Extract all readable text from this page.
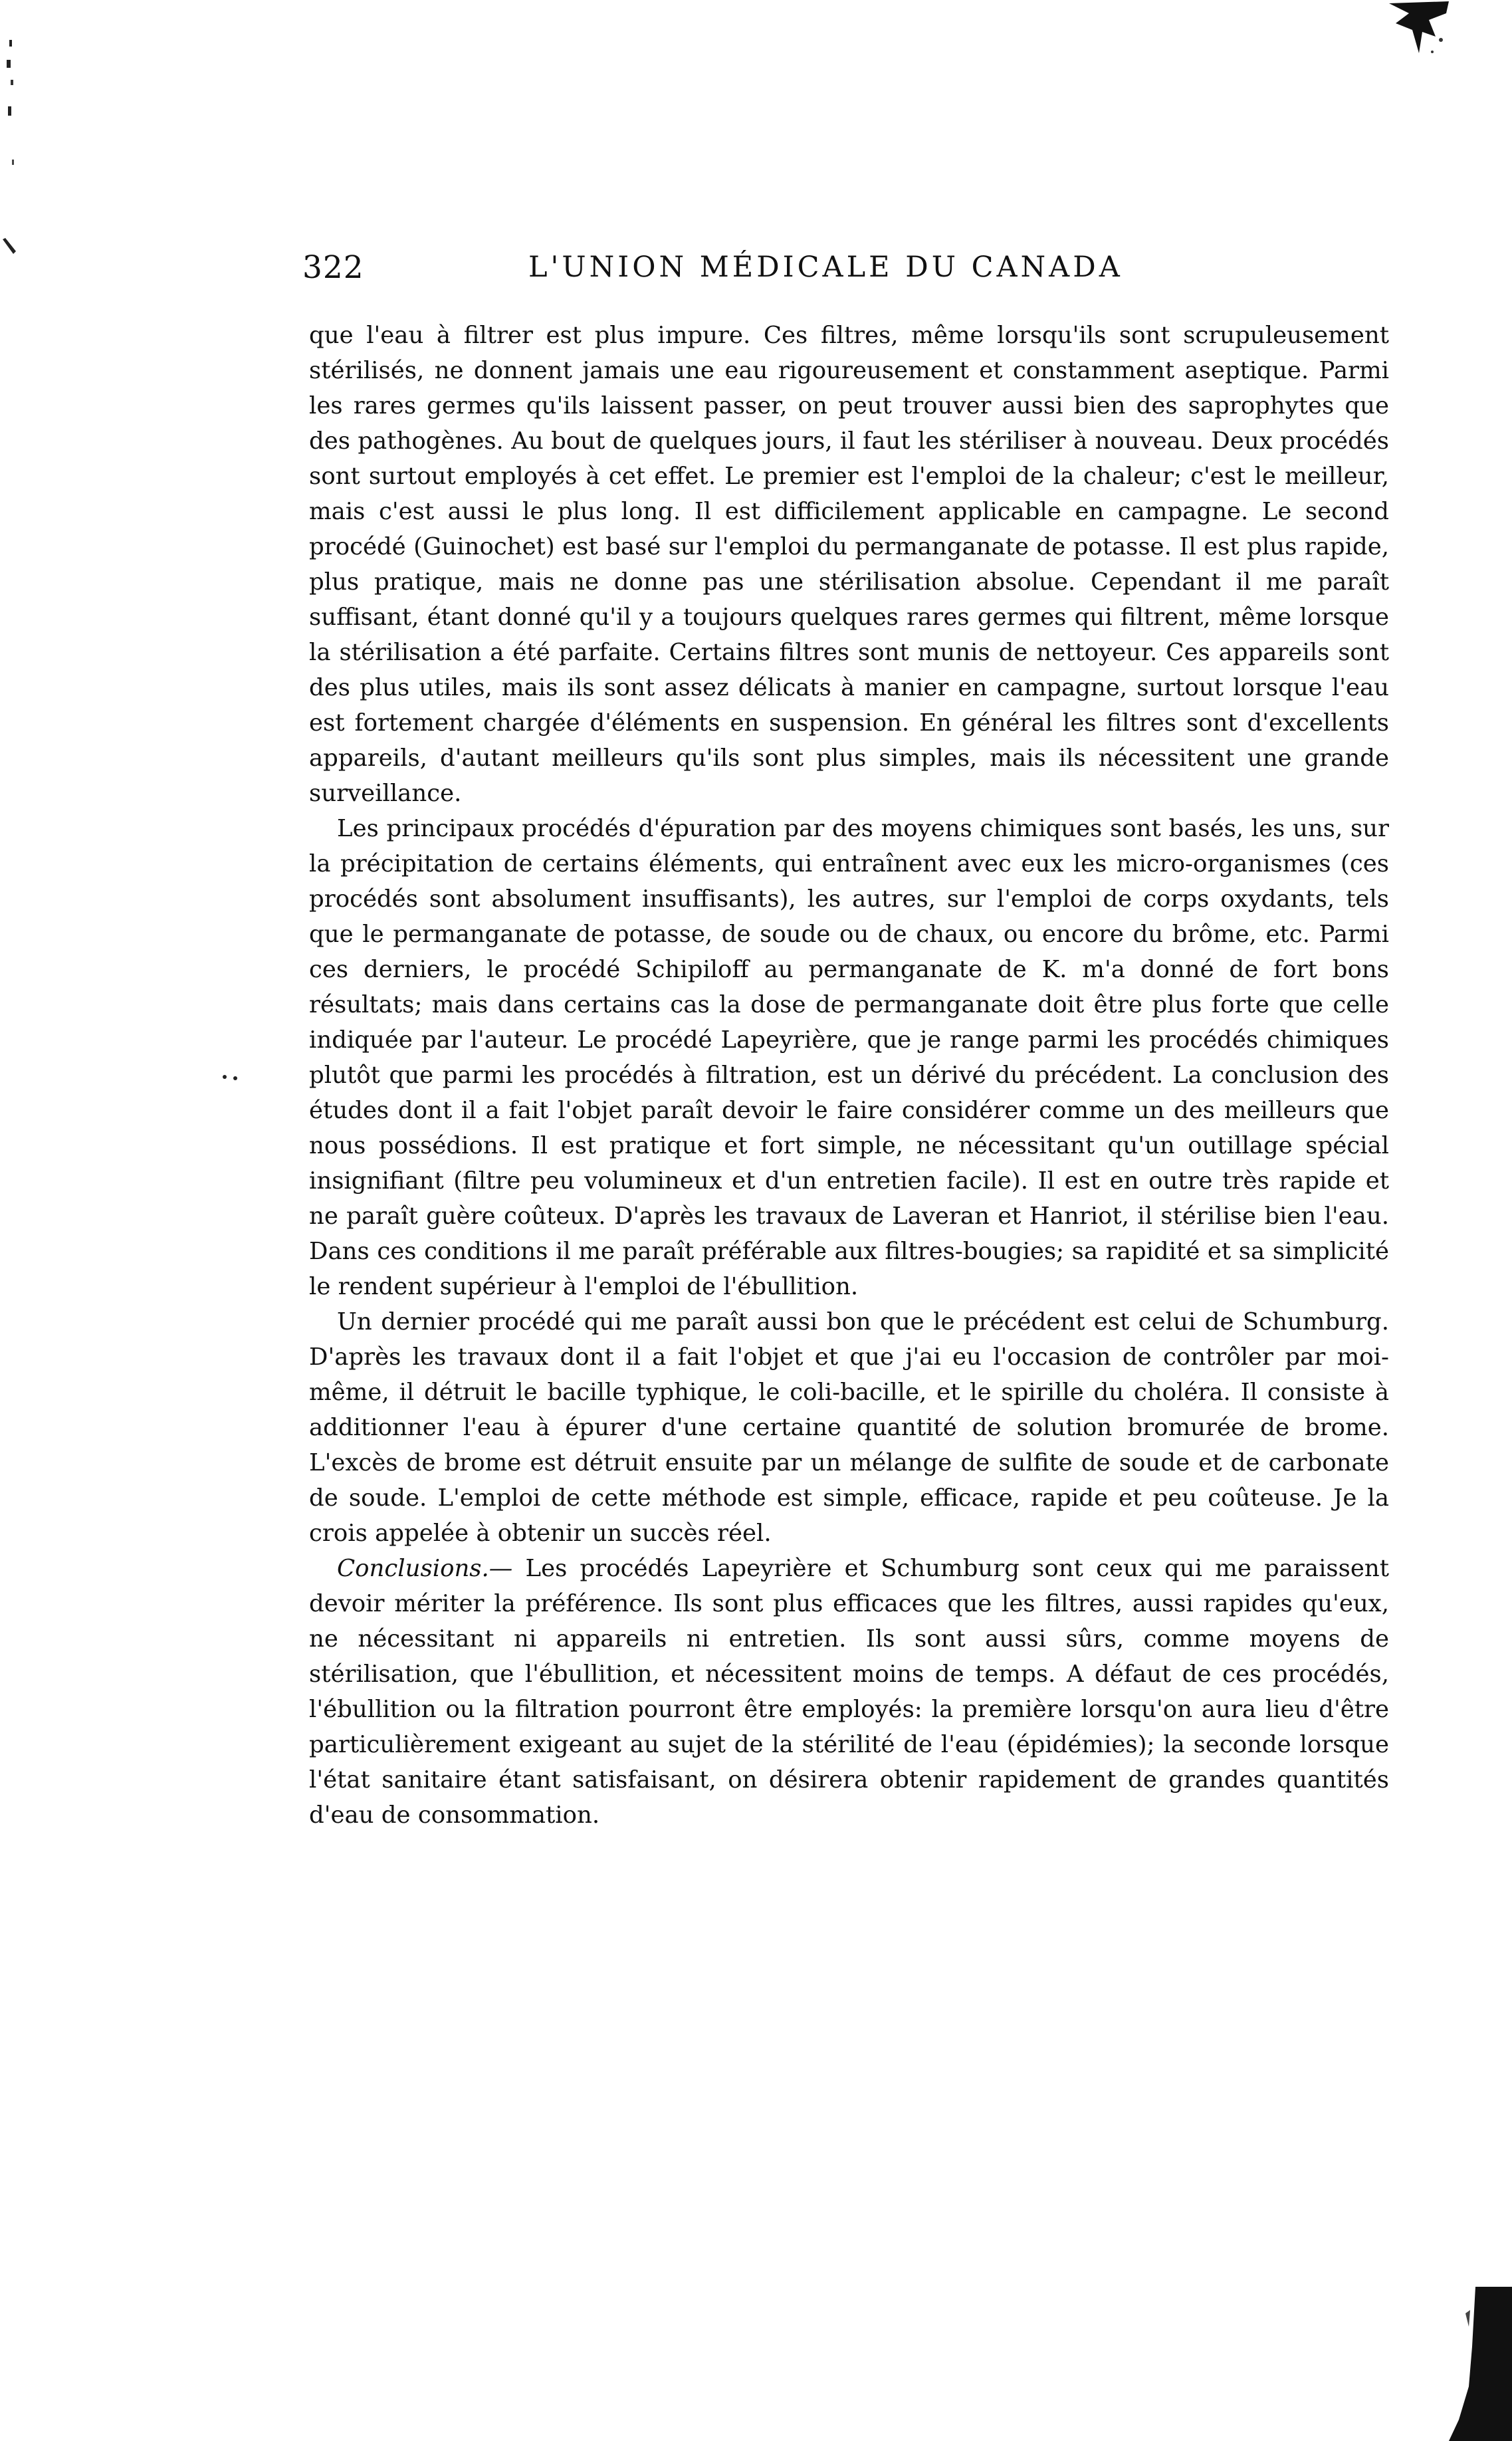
322	L'UNION MÉDICALE DU CANADA

que l'eau à filtrer est plus impure. Ces filtres, même lorsqu'ils sont scrupuleusement stérilisés, ne donnent jamais une eau rigoureusement et constamment aseptique. Parmi les rares germes qu'ils laissent passer, on peut trouver aussi bien des saprophytes que des pathogènes. Au bout de quelques jours, il faut les stériliser à nouveau. Deux procédés sont surtout employés à cet effet. Le premier est l'emploi de la chaleur; c'est le meilleur, mais c'est aussi le plus long. Il est difficilement applicable en campagne. Le second procédé (Guinochet) est basé sur l'emploi du permanganate de potasse. Il est plus rapide, plus pratique, mais ne donne pas une stérilisation absolue. Cependant il me paraît suffisant, étant donné qu'il y a toujours quelques rares germes qui filtrent, même lorsque la stérilisation a été parfaite. Certains filtres sont munis de nettoyeur. Ces appareils sont des plus utiles, mais ils sont assez délicats à manier en campagne, surtout lorsque l'eau est fortement chargée d'éléments en suspension. En général les filtres sont d'excellents appareils, d'autant meilleurs qu'ils sont plus simples, mais ils nécessitent une grande surveillance.

Les principaux procédés d'épuration par des moyens chimiques sont basés, les uns, sur la précipitation de certains éléments, qui entraînent avec eux les micro-organismes (ces procédés sont absolument insuffisants), les autres, sur l'emploi de corps oxydants, tels que le permanganate de potasse, de soude ou de chaux, ou encore du brôme, etc. Parmi ces derniers, le procédé Schipiloff au permanganate de K. m'a donné de fort bons résultats; mais dans certains cas la dose de permanganate doit être plus forte que celle indiquée par l'auteur. Le procédé Lapeyrière, que je range parmi les procédés chimiques plutôt que parmi les procédés à filtration, est un dérivé du précédent. La conclusion des études dont il a fait l'objet paraît devoir le faire considérer comme un des meilleurs que nous possédions. Il est pratique et fort simple, ne nécessitant qu'un outillage spécial insignifiant (filtre peu volumineux et d'un entretien facile). Il est en outre très rapide et ne paraît guère coûteux. D'après les travaux de Laveran et Hanriot, il stérilise bien l'eau. Dans ces conditions il me paraît préférable aux filtres-bougies; sa rapidité et sa simplicité le rendent supérieur à l'emploi de l'ébullition.

Un dernier procédé qui me paraît aussi bon que le précédent est celui de Schumburg. D'après les travaux dont il a fait l'objet et que j'ai eu l'occasion de contrôler par moi-même, il détruit le bacille typhique, le coli-bacille, et le spirille du choléra. Il consiste à additionner l'eau à épurer d'une certaine quantité de solution bromurée de brome. L'excès de brome est détruit ensuite par un mélange de sulfite de soude et de carbonate de soude. L'emploi de cette méthode est simple, efficace, rapide et peu coûteuse. Je la crois appelée à obtenir un succès réel.

Conclusions.— Les procédés Lapeyrière et Schumburg sont ceux qui me paraissent devoir mériter la préférence. Ils sont plus efficaces que les filtres, aussi rapides qu'eux, ne nécessitant ni appareils ni entretien. Ils sont aussi sûrs, comme moyens de stérilisation, que l'ébullition, et nécessitent moins de temps. A défaut de ces procédés, l'ébullition ou la filtration pourront être employés: la première lorsqu'on aura lieu d'être particulièrement exigeant au sujet de la stérilité de l'eau (épidémies); la seconde lorsque l'état sanitaire étant satisfaisant, on désirera obtenir rapidement de grandes quantités d'eau de consommation.
